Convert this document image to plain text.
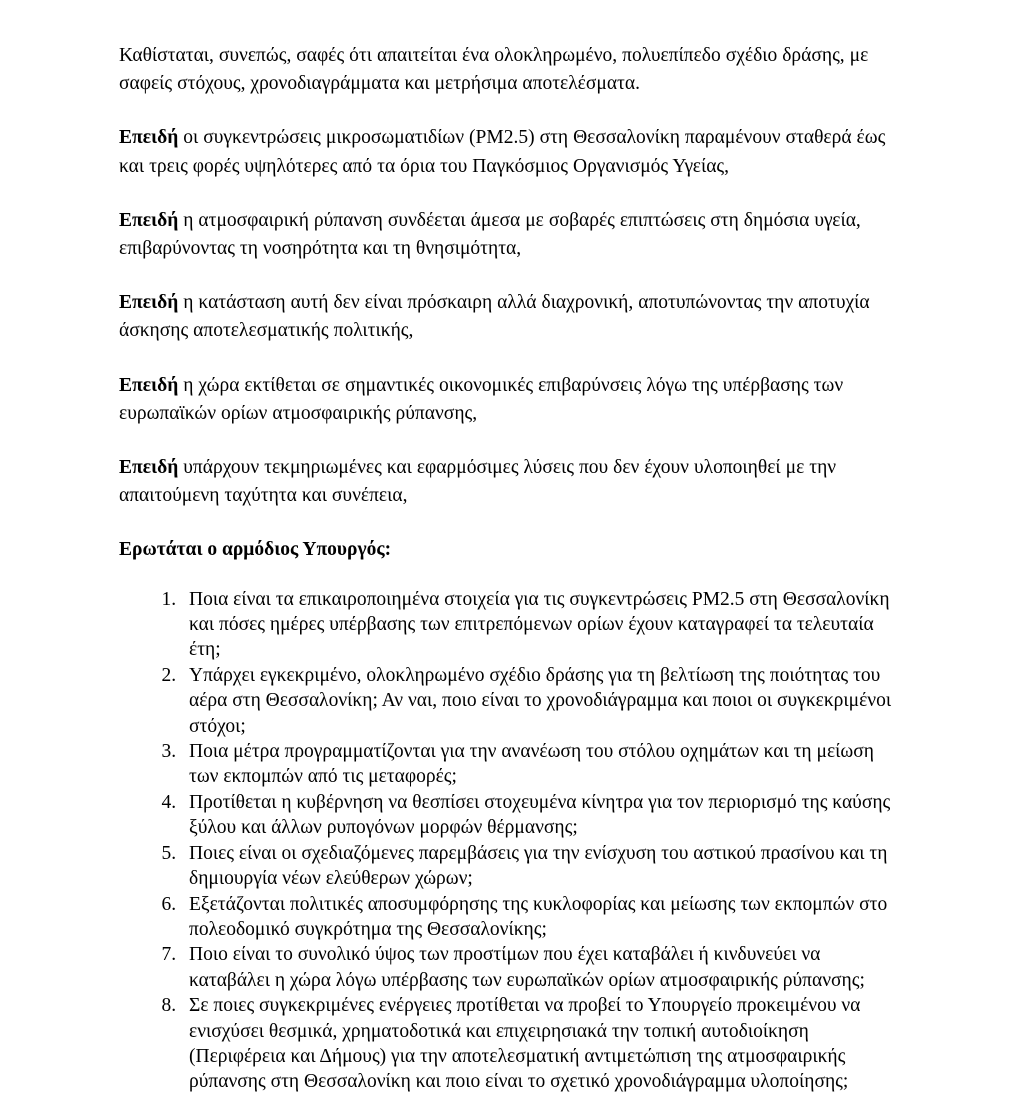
Καθίσταται, συνεπώς, σαφές ότι απαιτείται ένα ολοκληρωμένο, πολυεπίπεδο σχέδιο δράσης, με σαφείς στόχους, χρονοδιαγράμματα και μετρήσιμα αποτελέσματα.

Επειδή οι συγκεντρώσεις μικροσωματιδίων (PM2.5) στη Θεσσαλονίκη παραμένουν σταθερά έως και τρεις φορές υψηλότερες από τα όρια του Παγκόσμιος Οργανισμός Υγείας,

Επειδή η ατμοσφαιρική ρύπανση συνδέεται άμεσα με σοβαρές επιπτώσεις στη δημόσια υγεία, επιβαρύνοντας τη νοσηρότητα και τη θνησιμότητα,

Επειδή η κατάσταση αυτή δεν είναι πρόσκαιρη αλλά διαχρονική, αποτυπώνοντας την αποτυχία άσκησης αποτελεσματικής πολιτικής,

Επειδή η χώρα εκτίθεται σε σημαντικές οικονομικές επιβαρύνσεις λόγω της υπέρβασης των ευρωπαϊκών ορίων ατμοσφαιρικής ρύπανσης,

Επειδή υπάρχουν τεκμηριωμένες και εφαρμόσιμες λύσεις που δεν έχουν υλοποιηθεί με την απαιτούμενη ταχύτητα και συνέπεια,

Ερωτάται ο αρμόδιος Υπουργός:

1. Ποια είναι τα επικαιροποιημένα στοιχεία για τις συγκεντρώσεις PM2.5 στη Θεσσαλονίκη και πόσες ημέρες υπέρβασης των επιτρεπόμενων ορίων έχουν καταγραφεί τα τελευταία έτη;
2. Υπάρχει εγκεκριμένο, ολοκληρωμένο σχέδιο δράσης για τη βελτίωση της ποιότητας του αέρα στη Θεσσαλονίκη; Αν ναι, ποιο είναι το χρονοδιάγραμμα και ποιοι οι συγκεκριμένοι στόχοι;
3. Ποια μέτρα προγραμματίζονται για την ανανέωση του στόλου οχημάτων και τη μείωση των εκπομπών από τις μεταφορές;
4. Προτίθεται η κυβέρνηση να θεσπίσει στοχευμένα κίνητρα για τον περιορισμό της καύσης ξύλου και άλλων ρυπογόνων μορφών θέρμανσης;
5. Ποιες είναι οι σχεδιαζόμενες παρεμβάσεις για την ενίσχυση του αστικού πρασίνου και τη δημιουργία νέων ελεύθερων χώρων;
6. Εξετάζονται πολιτικές αποσυμφόρησης της κυκλοφορίας και μείωσης των εκπομπών στο πολεοδομικό συγκρότημα της Θεσσαλονίκης;
7. Ποιο είναι το συνολικό ύψος των προστίμων που έχει καταβάλει ή κινδυνεύει να καταβάλει η χώρα λόγω υπέρβασης των ευρωπαϊκών ορίων ατμοσφαιρικής ρύπανσης;
8. Σε ποιες συγκεκριμένες ενέργειες προτίθεται να προβεί το Υπουργείο προκειμένου να ενισχύσει θεσμικά, χρηματοδοτικά και επιχειρησιακά την τοπική αυτοδιοίκηση (Περιφέρεια και Δήμους) για την αποτελεσματική αντιμετώπιση της ατμοσφαιρικής ρύπανσης στη Θεσσαλονίκη και ποιο είναι το σχετικό χρονοδιάγραμμα υλοποίησης;
